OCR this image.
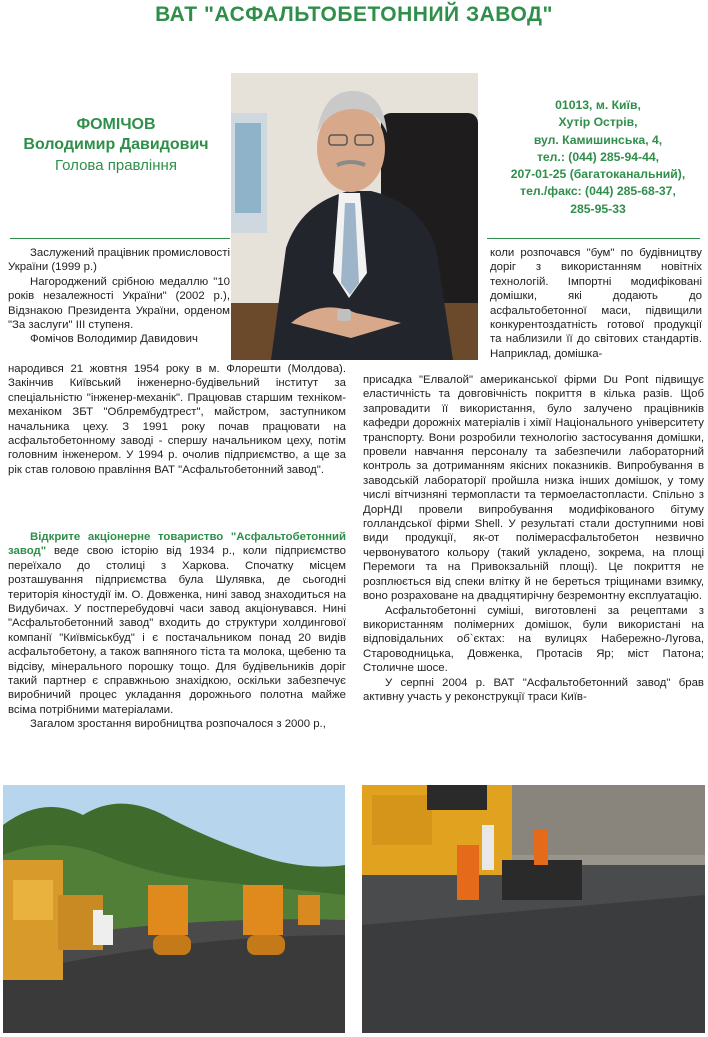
ВАТ "АСФАЛЬТОБЕТОННИЙ ЗАВОД"
ФОМІЧОВ
Володимир Давидович
Голова правління
01013, м. Київ,
Хутір Острів,
вул. Камишинська, 4,
тел.: (044) 285-94-44,
207-01-25 (багатоканальний),
тел./факс: (044) 285-68-37,
285-95-33

Заслужений працівник промисловості України (1999 р.)

Нагороджений срібною медаллю "10 років незалежності України" (2002 р.), Відзнакою Президента України, орденом "За заслуги" ІІІ ступеня.

Фомічов Володимир Давидович

народився 21 жовтня 1954 року в м. Флорешти (Молдова). Закінчив Київський інженерно-будівельний інститут за спеціальністю "інженер-механік". Працював старшим техніком-механіком ЗБТ "Облрембудтрест", майстром, заступником начальника цеху. З 1991 року почав працювати на асфальтобетонному заводі - спершу начальником цеху, потім головним інженером. У 1994 р. очолив підприємство, а ще за рік став головою правління ВАТ "Асфальтобетонний завод".

Відкрите акціонерне товариство "Асфальтобетонний завод" веде свою історію від 1934 р., коли підприємство переїхало до столиці з Харкова. Спочатку місцем розташування підприємства була Шулявка, де сьогодні територія кіностудії ім. О. Довженка, нині завод знаходиться на Видубичах. У постперебудовчі часи завод акціонувався. Нині "Асфальтобетонний завод" входить до структури холдингової компанії "Київміськбуд" і є постачальником понад 20 видів асфальтобетону, а також вапняного тіста та молока, щебеню та відсіву, мінерального порошку тощо. Для будівельників доріг такий партнер є справжньою знахідкою, оскільки забезпечує виробничий процес укладання дорожнього полотна майже всіма потрібними матеріалами.

Загалом зростання виробництва розпочалося з 2000 р.,

коли розпочався "бум" по будівництву доріг з використанням новітніх технологій. Імпортні модифіковані домішки, які додають до асфальтобетонної маси, підвищили конкурентоздатність готової продукції та наблизили її до світових стандартів. Наприклад, домішка-

присадка "Елвалой" американської фірми Du Pont підвищує еластичність та довговічність покриття в кілька разів. Щоб запровадити її використання, було залучено працівників кафедри дорожніх матеріалів і хімії Національного університету транспорту. Вони розробили технологію застосування домішки, провели навчання персоналу та забезпечили лабораторний контроль за дотриманням якісних показників. Випробування в заводській лабораторії пройшла низка інших домішок, у тому числі вітчизняні термопласти та термоеластопласти. Спільно з ДорНДІ провели випробування модифікованого бітуму голландської фірми Shell. У результаті стали доступними нові види продукції, як-от полімерасфальтобетон незвично червонуватого кольору (такий укладено, зокрема, на площі Перемоги та на Привокзальній площі). Це покриття не розплюється від спеки влітку й не береться тріщинами взимку, воно розраховане на двадцятирічну безремонтну експлуатацію.

Асфальтобетонні суміші, виготовлені за рецептами з використанням полімерних домішок, були використані на відповідальних об`єктах: на вулицях Набережно-Луговa, Староводницька, Довженка, Протасів Яр; міст Патона; Столичне шосе.

У серпні 2004 р. ВАТ "Асфальтобетонний завод" брав активну участь у реконструкції траси Київ-
